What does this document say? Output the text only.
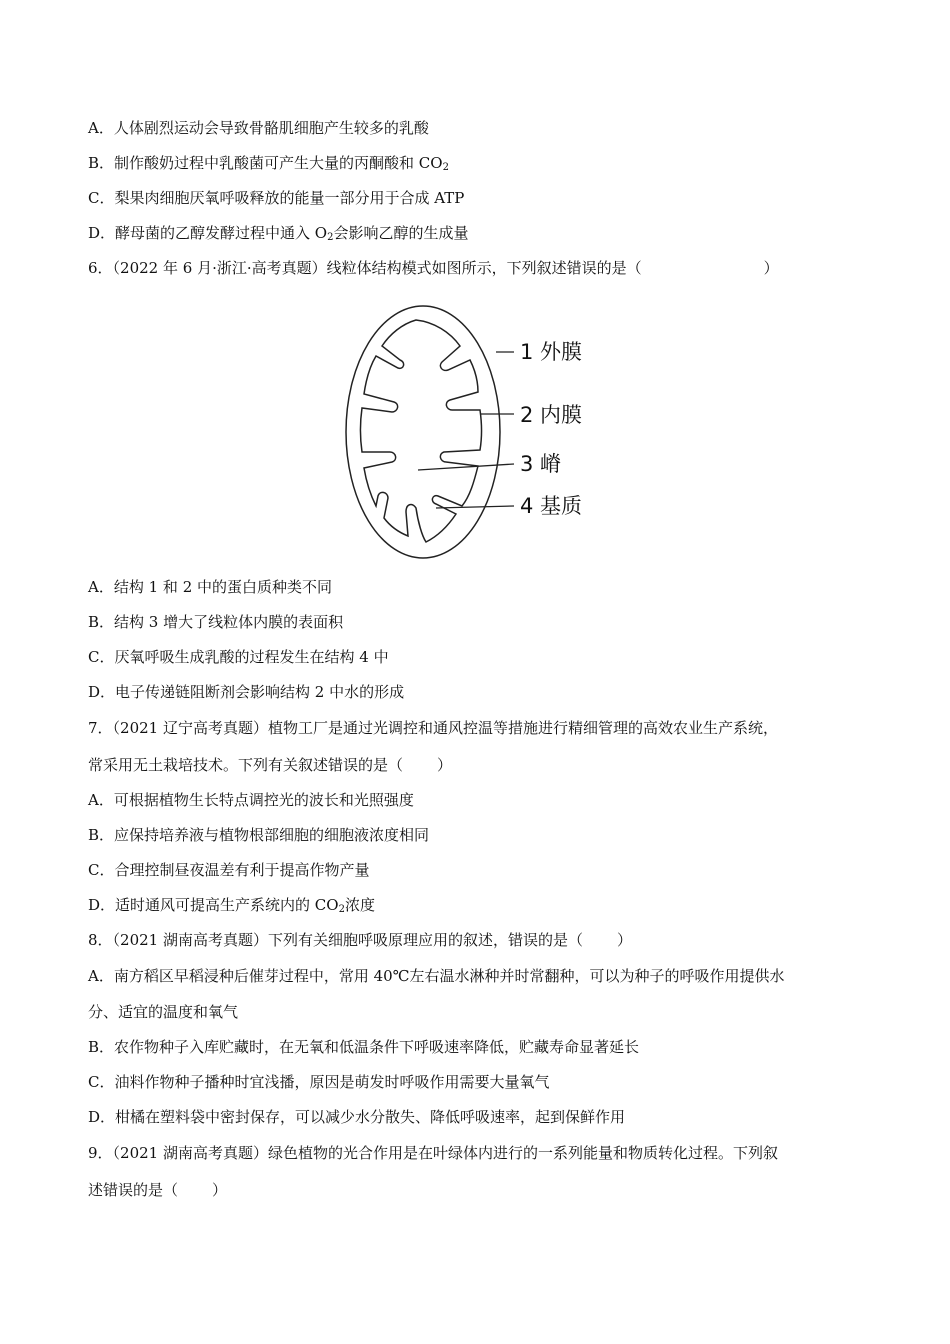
A．人体剧烈运动会导致骨骼肌细胞产生较多的乳酸
B．制作酸奶过程中乳酸菌可产生大量的丙酮酸和 $CO_2$
C．梨果肉细胞厌氧呼吸释放的能量一部分用于合成 ATP
D．酵母菌的乙醇发酵过程中通入 $O_2$会影响乙醇的生成量
6．（2022 年 6 月·浙江·高考真题）线粒体结构模式如图所示，下列叙述错误的是（	）
1 外膜
2 内膜
3 嵴
4 基质
A．结构 1 和 2 中的蛋白质种类不同
B．结构 3 增大了线粒体内膜的表面积
C．厌氧呼吸生成乳酸的过程发生在结构 4 中
D．电子传递链阻断剂会影响结构 2 中水的形成
7．（2021 辽宁高考真题）植物工厂是通过光调控和通风控温等措施进行精细管理的高效农业生产系统，
常采用无土栽培技术。下列有关叙述错误的是（ ）
A．可根据植物生长特点调控光的波长和光照强度
B．应保持培养液与植物根部细胞的细胞液浓度相同
C．合理控制昼夜温差有利于提高作物产量
D．适时通风可提高生产系统内的 $CO_2$浓度
8．（2021 湖南高考真题）下列有关细胞呼吸原理应用的叙述，错误的是（ ）
A．南方稻区早稻浸种后催芽过程中，常用 40℃左右温水淋种并时常翻种，可以为种子的呼吸作用提供水
分、适宜的温度和氧气
B．农作物种子入库贮藏时，在无氧和低温条件下呼吸速率降低，贮藏寿命显著延长
C．油料作物种子播种时宜浅播，原因是萌发时呼吸作用需要大量氧气
D．柑橘在塑料袋中密封保存，可以减少水分散失、降低呼吸速率，起到保鲜作用
9．（2021 湖南高考真题）绿色植物的光合作用是在叶绿体内进行的一系列能量和物质转化过程。下列叙
述错误的是（ ）
